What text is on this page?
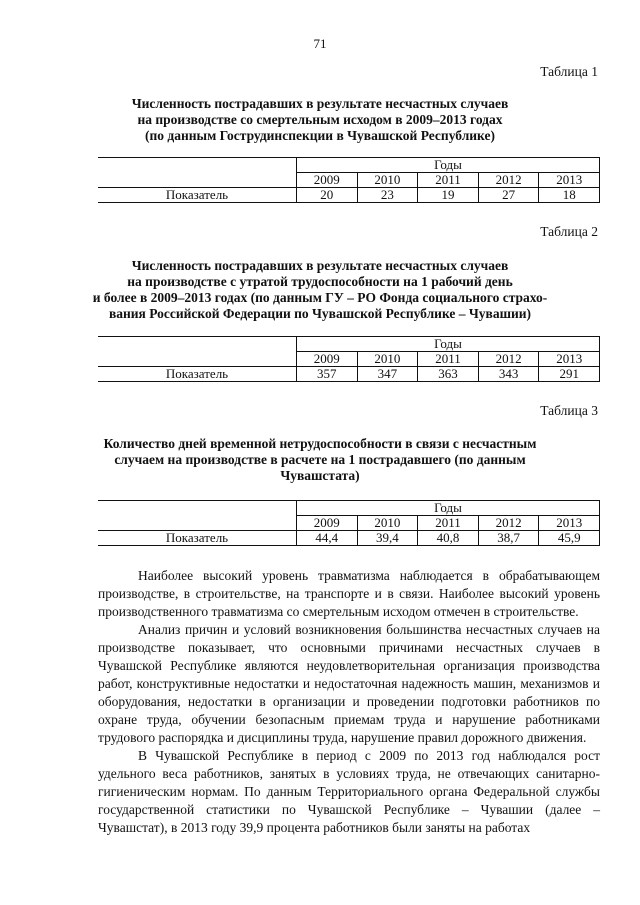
71
Таблица 1
Численность пострадавших в результате несчастных случаев
на производстве со смертельным исходом в 2009–2013 годах
(по данным Гострудинспекции в Чувашской Республике)
	Годы				
	2009	2010	2011	2012	2013
Показатель	20	23	19	27	18
Таблица 2
Численность пострадавших в результате несчастных случаев
на производстве с утратой трудоспособности на 1 рабочий день
и более в 2009–2013 годах (по данным ГУ – РО Фонда социального страхо-
вания Российской Федерации по Чувашской Республике – Чувашии)
	Годы				
	2009	2010	2011	2012	2013
Показатель	357	347	363	343	291
Таблица 3
Количество дней временной нетрудоспособности в связи с несчастным
случаем на производстве в расчете на 1 пострадавшего (по данным
Чувашстата)
	Годы				
	2009	2010	2011	2012	2013
Показатель	44,4	39,4	40,8	38,7	45,9

Наиболее высокий уровень травматизма наблюдается в обрабатывающем производстве, в строительстве, на транспорте и в связи. Наиболее высокий уровень производственного травматизма со смертельным исходом отмечен в строительстве.

Анализ причин и условий возникновения большинства несчастных случаев на производстве показывает, что основными причинами несчастных случаев в Чувашской Республике являются неудовлетворительная организация производства работ, конструктивные недостатки и недостаточная надежность машин, механизмов и оборудования, недостатки в организации и проведении подготовки работников по охране труда, обучении безопасным приемам труда и нарушение работниками трудового распорядка и дисциплины труда, нарушение правил дорожного движения.

В Чувашской Республике в период с 2009 по 2013 год наблюдался рост удельного веса работников, занятых в условиях труда, не отвечающих санитарно-гигиеническим нормам. По данным Территориального органа Федеральной службы государственной статистики по Чувашской Республике – Чувашии (далее – Чувашстат), в 2013 году 39,9 процента работников были заняты на работах
